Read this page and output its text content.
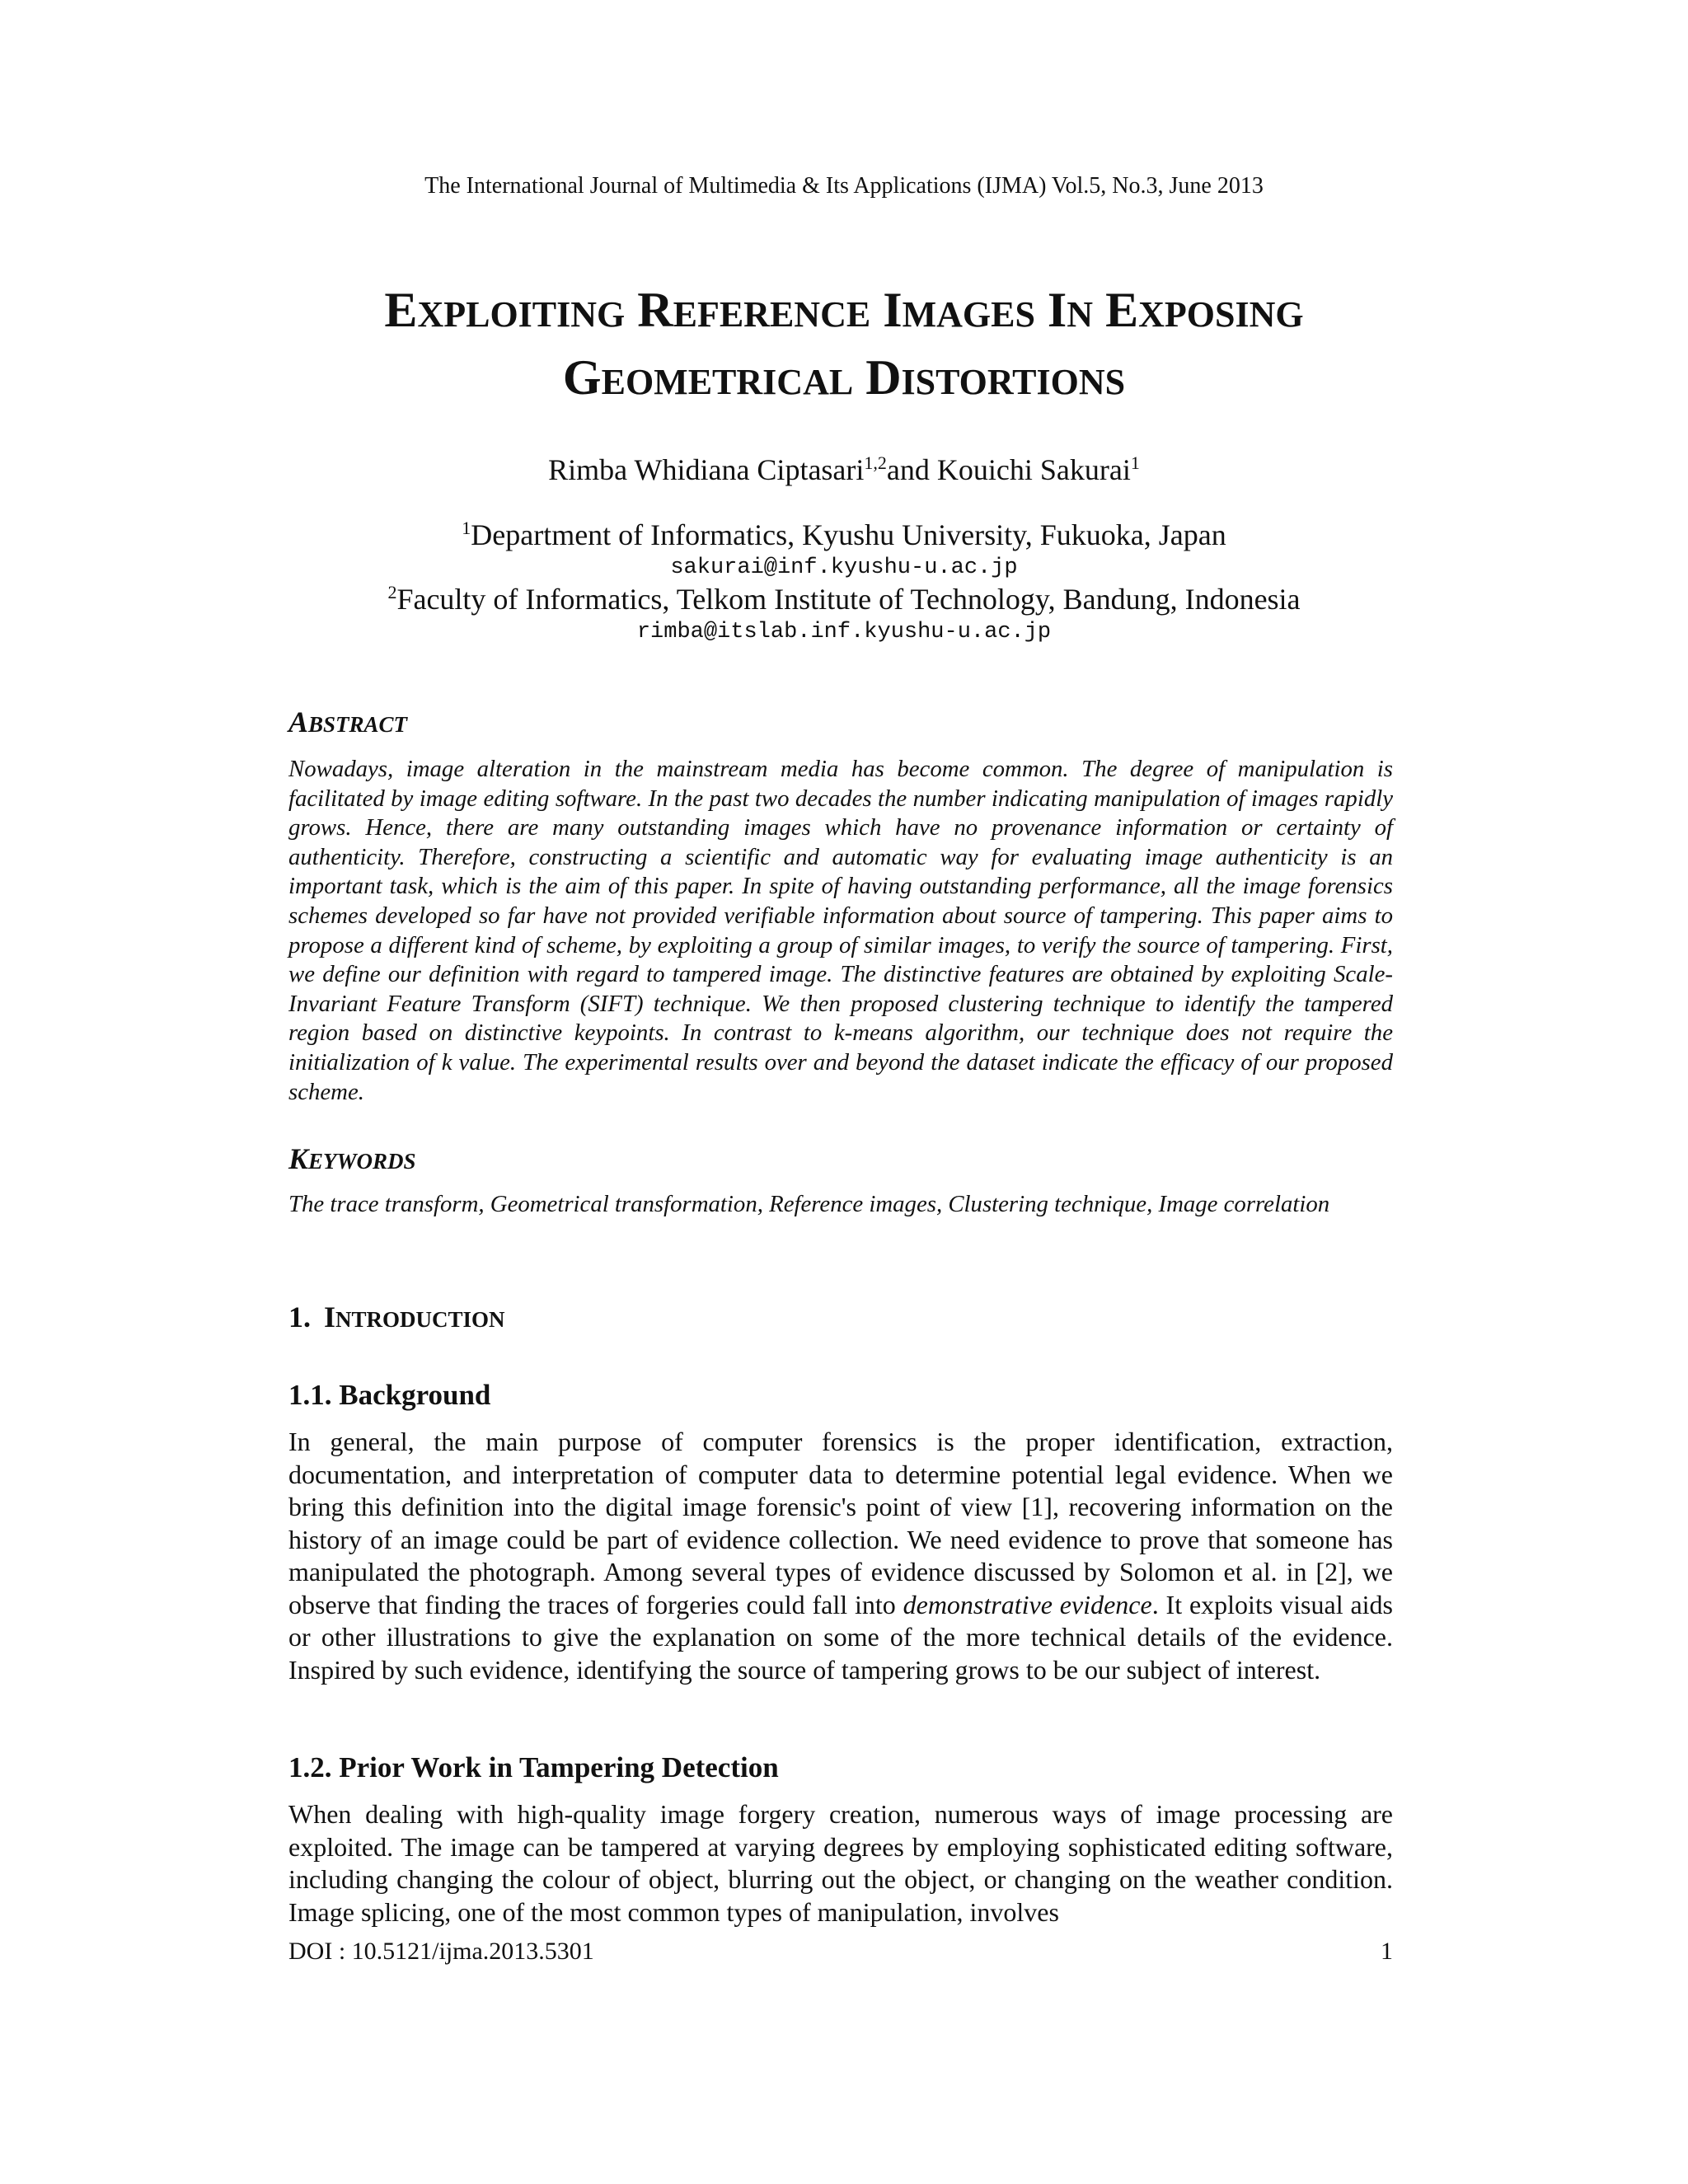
The International Journal of Multimedia & Its Applications (IJMA) Vol.5, No.3, June 2013
EXPLOITING REFERENCE IMAGES IN EXPOSING
GEOMETRICAL DISTORTIONS
Rimba Whidiana Ciptasari$^{1,2}$and Kouichi Sakurai$^1$
$^1$Department of Informatics, Kyushu University, Fukuoka, Japan
sakurai@inf.kyushu-u.ac.jp
$^2$Faculty of Informatics, Telkom Institute of Technology, Bandung, Indonesia
rimba@itslab.inf.kyushu-u.ac.jp
ABSTRACT
Nowadays, image alteration in the mainstream media has become common. The degree of manipulation is facilitated by image editing software. In the past two decades the number indicating manipulation of images rapidly grows. Hence, there are many outstanding images which have no provenance information or certainty of authenticity. Therefore, constructing a scientific and automatic way for evaluating image authenticity is an important task, which is the aim of this paper. In spite of having outstanding performance, all the image forensics schemes developed so far have not provided verifiable information about source of tampering. This paper aims to propose a different kind of scheme, by exploiting a group of similar images, to verify the source of tampering. First, we define our definition with regard to tampered image. The distinctive features are obtained by exploiting Scale- Invariant Feature Transform (SIFT) technique. We then proposed clustering technique to identify the tampered region based on distinctive keypoints. In contrast to k-means algorithm, our technique does not require the initialization of k value. The experimental results over and beyond the dataset indicate the efficacy of our proposed scheme.
KEYWORDS
The trace transform, Geometrical transformation, Reference images, Clustering technique, Image correlation
1. INTRODUCTION
1.1. Background
In general, the main purpose of computer forensics is the proper identification, extraction, documentation, and interpretation of computer data to determine potential legal evidence. When we bring this definition into the digital image forensic's point of view [1], recovering information on the history of an image could be part of evidence collection. We need evidence to prove that someone has manipulated the photograph. Among several types of evidence discussed by Solomon et al. in [2], we observe that finding the traces of forgeries could fall into demonstrative evidence. It exploits visual aids or other illustrations to give the explanation on some of the more technical details of the evidence. Inspired by such evidence, identifying the source of tampering grows to be our subject of interest.
1.2. Prior Work in Tampering Detection
When dealing with high-quality image forgery creation, numerous ways of image processing are exploited. The image can be tampered at varying degrees by employing sophisticated editing software, including changing the colour of object, blurring out the object, or changing on the weather condition. Image splicing, one of the most common types of manipulation, involves
DOI : 10.5121/ijma.2013.5301	1
